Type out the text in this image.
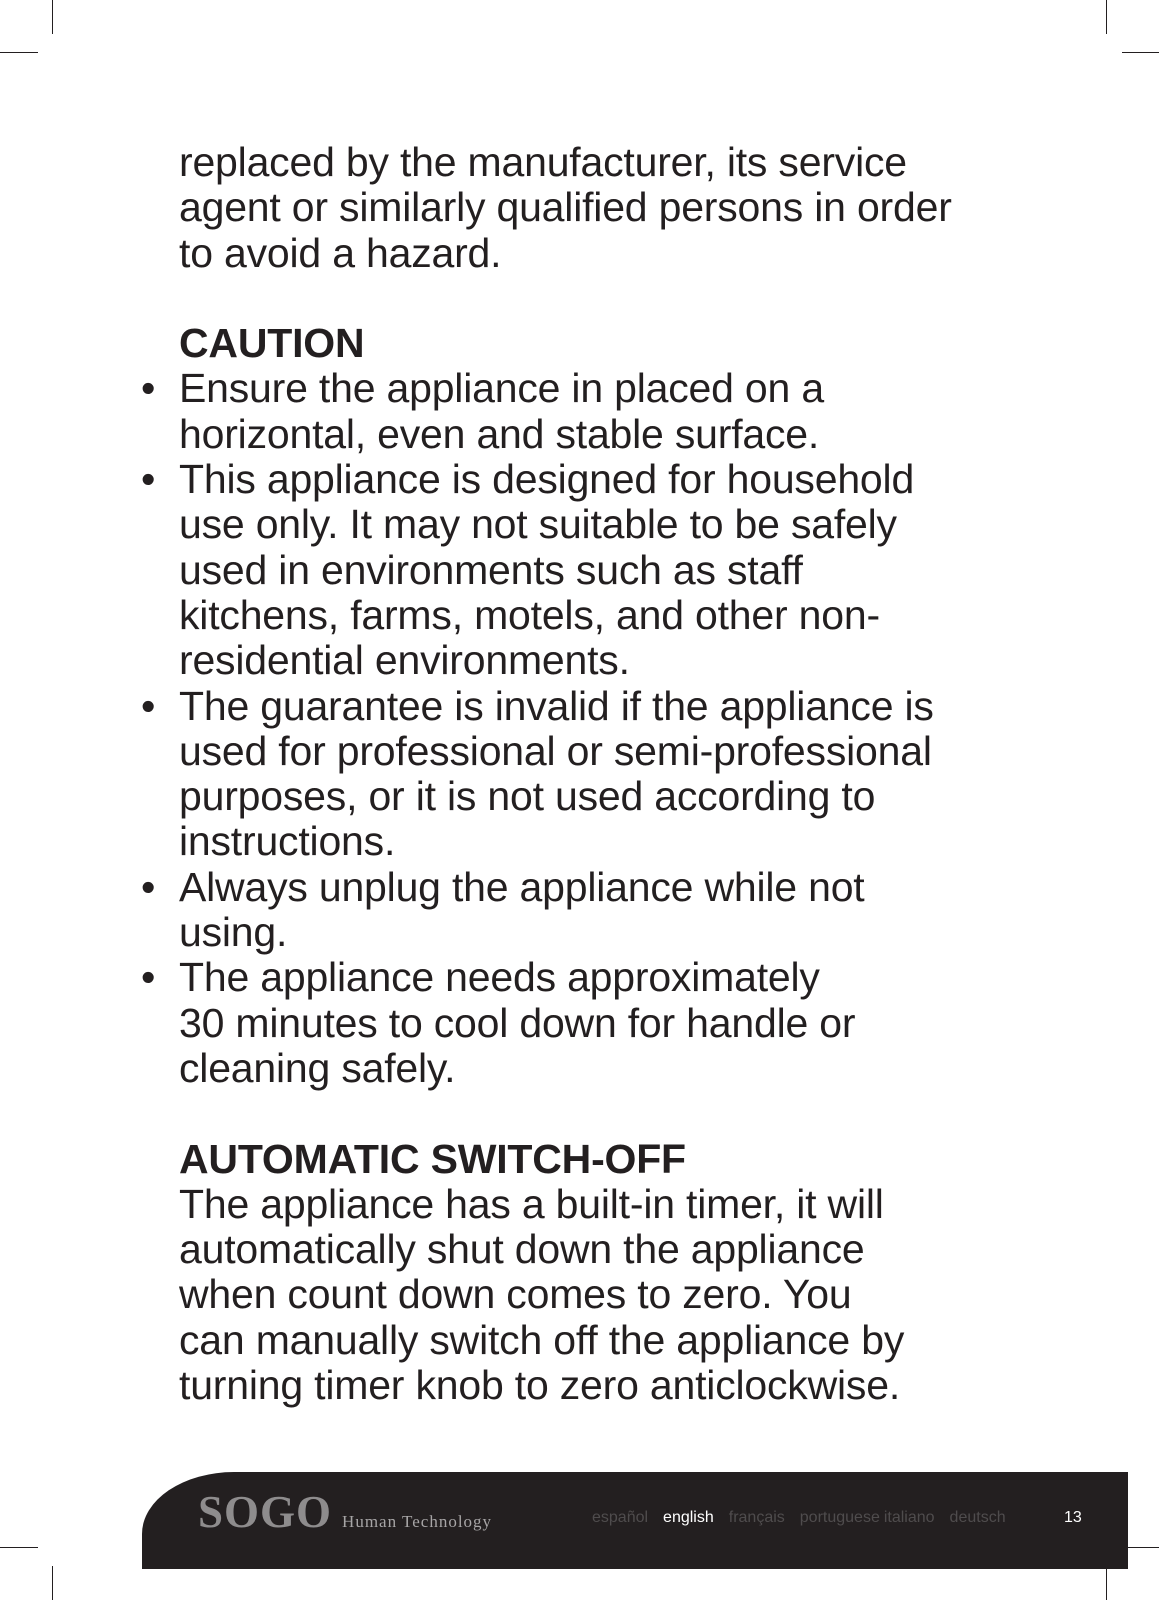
replaced by the manufacturer, its service

agent or similarly qualified persons in order

to avoid a hazard.

CAUTION
• Ensure the appliance in placed on a
horizontal, even and stable surface.
• This appliance is designed for household
use only. It may not suitable to be safely
used in environments such as staff
kitchens, farms, motels, and other non-
residential environments.
• The guarantee is invalid if the appliance is
used for professional or semi-professional
purposes, or it is not used according to
instructions.
• Always unplug the appliance while not
using.
• The appliance needs approximately
30 minutes to cool down for handle or
cleaning safely.
AUTOMATIC SWITCH-OFF

The appliance has a built-in timer, it will

automatically shut down the appliance

when count down comes to zero. You

can manually switch off the appliance by

turning timer knob to zero anticlockwise.

SOGO Human Technology	español english français portuguese italiano deutsch	13
